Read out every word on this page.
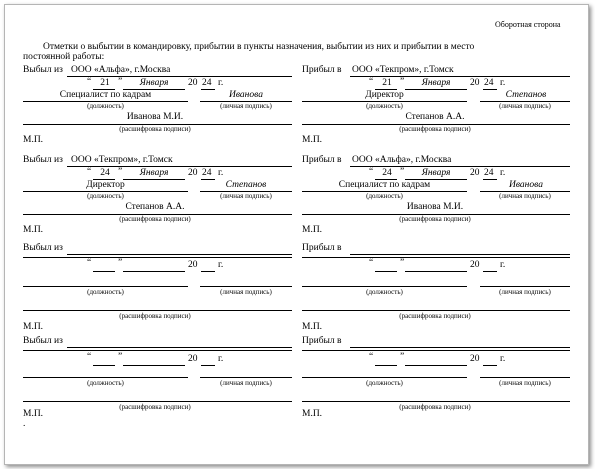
Оборотная сторона
Отметки о выбытии в командировку, прибытии в пункты назначения, выбытии из них и прибытии в место
постоянной работы:
Выбыл из ООО «Альфа», г.Москва
“ 21 ”	Января	20 24 г.
Специалист по кадрам	Иванова
(должность)	(личная подпись)
Иванова М.И.
(расшифровка подписи)
М.П.
Прибыл в ООО «Текпром», г.Томск
“ 21 ”	Января	20 24 г.
Директор	Степанов
(должность)	(личная подпись)
Степанов А.А.
(расшифровка подписи)
М.П.
Выбыл из ООО «Текпром», г.Томск
“ 24 ”	Января	20 24 г.
Директор	Степанов
(должность)	(личная подпись)
Степанов А.А.
(расшифровка подписи)
М.П.
Прибыл в ООО «Альфа», г.Москва
“ 24 ”	Января	20 24 г.
Специалист по кадрам	Иванова
(должность)	(личная подпись)
Иванова М.И.
(расшифровка подписи)
М.П.
Выбыл из
“	”	20 г.
(должность)	(личная подпись)
(расшифровка подписи)
М.П.
Прибыл в
“	”	20 г.
(должность)	(личная подпись)
(расшифровка подписи)
М.П.
Выбыл из
“	”	20 г.
(должность)	(личная подпись)
(расшифровка подписи)
М.П.
Прибыл в
“	”	20 г.
(должность)	(личная подпись)
(расшифровка подписи)
М.П.
.
